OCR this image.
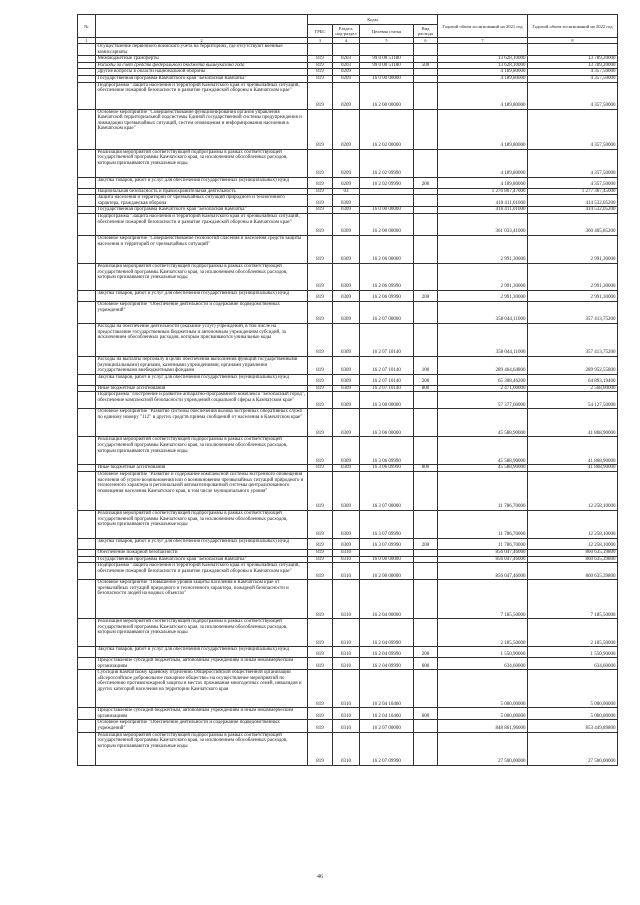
№		Коды				Годовой объем ассигнований на 2021 год	Годовой объем ассигнований на 2022 год
		ГРБС	Раздел, под-раздел	Целевая статья	Вид расхода		
1	2	3	4	5	6	7	8
	Осуществление первичного воинского учета на территориях, где отсутствуют военные комиссариаты						
	Межбюджетные трансферты	819	0203	99 0 00 51180		13 628,10000	13 789,20000
	Расходы за счет средств федерального бюджета вышеуказано года	819	0203	99 0 00 51180	500	13 628,10000	13 789,20000
	Другие вопросы в области национальной обороны	819	0209			4 189,80000	4 357,50000
	Государственная программа Камчатского края "Безопасная Камчатка"	819	0209	16 0 00 00000		4 189,80000	4 357,50000
	Подпрограмма "Защита населения и территорий Камчатского края от чрезвычайных ситуаций, обеспечение пожарной безопасности и развитие гражданской обороны в Камчатском крае"	819	0209	16 2 00 00000		4 189,80000	4 357,50000
	Основное мероприятие "Совершенствование функционирования органов управления Камчатской территориальной подсистемы Единой государственной системы предупреждения и ликвидации чрезвычайных ситуаций, систем оповещения и информирования населения в Камчатском крае"	819	0209	16 2 02 00000		4 189,80000	4 357,50000
	Реализация мероприятий соответствующей подпрограммы в рамках соответствующей государственной программы Камчатского края, за исключением обособленных расходов, которым присваиваются уникальные коды	819	0209	16 2 02 09990		4 189,80000	4 357,50000
	Закупка товаров, работ и услуг для обеспечения государственных (муниципальных) нужд	819	0209	16 2 02 09990	200	4 189,80000	4 357,50000
	Национальная безопасность и правоохранительная деятельность	819	03			1 276 867,47000	1 277 367,45000
	Защита населения и территории от чрезвычайных ситуаций природного и техногенного характера, гражданская оборона	819	0309			418 411,01000	414 532,05200
	Государственная программа Камчатского края "Безопасная Камчатка"	819	0309	16 0 00 00000		418 411,01000	414 532,05200
	Подпрограмма "Защита населения и территорий Камчатского края от чрезвычайных ситуаций, обеспечение пожарной безопасности и развитие гражданской обороны в Камчатском крае"	819	0309	16 2 00 00000		361 033,41000	360 405,85200
	Основное мероприятие "Совершенствование технологий спасения и населения средств защиты населения и территорий от чрезвычайных ситуаций"	819	0309	16 2 06 00000		2 991,30000	2 991,30000
	Реализация мероприятий соответствующей подпрограммы в рамках соответствующей государственной программы Камчатского края, за исключением обособленных расходов, которым присваиваются уникальные коды	819	0309	16 2 06 09990		2 991,30000	2 991,30000
	Закупка товаров, работ и услуг для обеспечения государственных (муниципальных) нужд	819	0309	16 2 06 09990	200	2 991,30000	2 991,30000
	Основное мероприятие "Обеспечение деятельности и содержание подведомственных учреждений"	819	0309	16 2 07 00000		358 044,11000	357 413,75200
	Расходы на обеспечение деятельности (оказание услуг) учреждений, в том числе на предоставление государственным бюджетным и автономным учреждениям субсидий, за исключением обособленных расходов, которым присваиваются уникальные коды	819	0309	16 2 07 10140		358 044,11000	357 413,75200
	Расходы на выплаты персоналу в целях обеспечения выполнения функций государственными (муниципальными) органами, казенными учреждениями, органами управления государственными внебюджетными фондами	819	0309	16 2 07 10140	100	289 464,64800	289 952,55800
	Закупка товаров, работ и услуг для обеспечения государственных (муниципальных) нужд	819	0309	16 2 07 10140	200	65 308,46200	64 893,19400
	Иные бюджетные ассигнования	819	0309	16 2 07 10140	800	2 471,00000	2 568,00000
	Подпрограмма "Построение и развитие аппаратно-программного комплекса "Безопасный город", обеспечение комплексной безопасности учреждений социальной сферы в Камчатском крае"	819	0309	16 3 00 00000		57 377,60000	54 127,50000
	Основное мероприятие "Развитие системы обеспечения вызова экстренных оперативных служб по единому номеру "112" и других средств приема сообщений от населения в Камчатском крае"	819	0309	16 3 06 00000		45 588,90000	41 868,90000
	Реализация мероприятий соответствующей подпрограммы в рамках соответствующей государственной программы Камчатского края, за исключением обособленных расходов, которым присваиваются уникальные коды	819	0309	16 3 06 09990		45 588,90000	41 868,90000
	Иные бюджетные ассигнования	819	0309	16 3 06 09990	800	45 588,90000	41 868,90000
	Основное мероприятие "Развитие и содержание комплексной системы экстренного оповещения населения об угрозе возникновения или о возникновении чрезвычайных ситуаций природного и техногенного характера и региональной автоматизированной системы централизованного оповещения населения Камчатского края, в том числе муниципального уровня"	819	0309	16 3 07 00000		11 786,70000	12 258,10000
	Реализация мероприятий соответствующей подпрограммы в рамках соответствующей государственной программы Камчатского края, за исключением обособленных расходов, которым присваиваются уникальные коды	819	0309	16 3 07 09990		11 786,70000	12 258,10000
	Закупка товаров, работ и услуг для обеспечения государственных (муниципальных) нужд	819	0309	16 3 07 09990	200	11 786,70000	12 258,10000
	Обеспечение пожарной безопасности	819	0310			856 047,46000	860 635,39800
	Государственная программа Камчатского края "Безопасная Камчатка"	819	0310	16 0 00 00000		856 047,46000	860 635,39800
	Подпрограмма "Защита населения и территорий Камчатского края от чрезвычайных ситуаций, обеспечение пожарной безопасности и развитие гражданской обороны в Камчатском крае"	819	0310	16 2 00 00000		856 047,46000	860 635,39800
	Основное мероприятие "Повышение уровня защиты населения в Камчатском крае от чрезвычайных ситуаций природного и техногенного характера, пожарной безопасности и безопасности людей на водных объектах"	819	0310	16 2 04 00000		7 185,50000	7 185,50000
	Реализация мероприятий соответствующей подпрограммы в рамках соответствующей государственной программы Камчатского края, за исключением обособленных расходов, которым присваиваются уникальные коды	819	0310	16 2 04 09990		2 185,50000	2 185,50000
	Закупка товаров, работ и услуг для обеспечения государственных (муниципальных) нужд	819	0310	16 2 04 09990	200	1 550,90000	1 550,90000
	Предоставление субсидий бюджетным, автономным учреждениям и иным некоммерческим организациям	819	0310	16 2 04 09990	600	634,60000	634,60000
	Субсидия Камчатскому краевому отделению Общероссийской общественной организации «Всероссийское добровольное пожарное общество» на осуществление мероприятий по обеспечению противопожарной защиты в местах проживания многодетных семей, инвалидов и других категорий населения на территории Камчатского края	819	0310	16 2 04 10460		5 000,00000	5 000,00000
	Предоставление субсидий бюджетным, автономным учреждениям и иным некоммерческим организациям	819	0310	16 2 04 10460	600	5 000,00000	5 000,00000
	Основное мероприятие "Обеспечение деятельности и содержание подведомственных учреждений"	819	0310	16 2 07 00000		848 861,96000	853 449,89800
	Реализация мероприятий соответствующей подпрограммы в рамках соответствующей государственной программы Камчатского края, за исключением обособленных расходов, которым присваиваются уникальные коды	819	0310	16 2 07 09990		27 500,00000	27 500,00000
46
